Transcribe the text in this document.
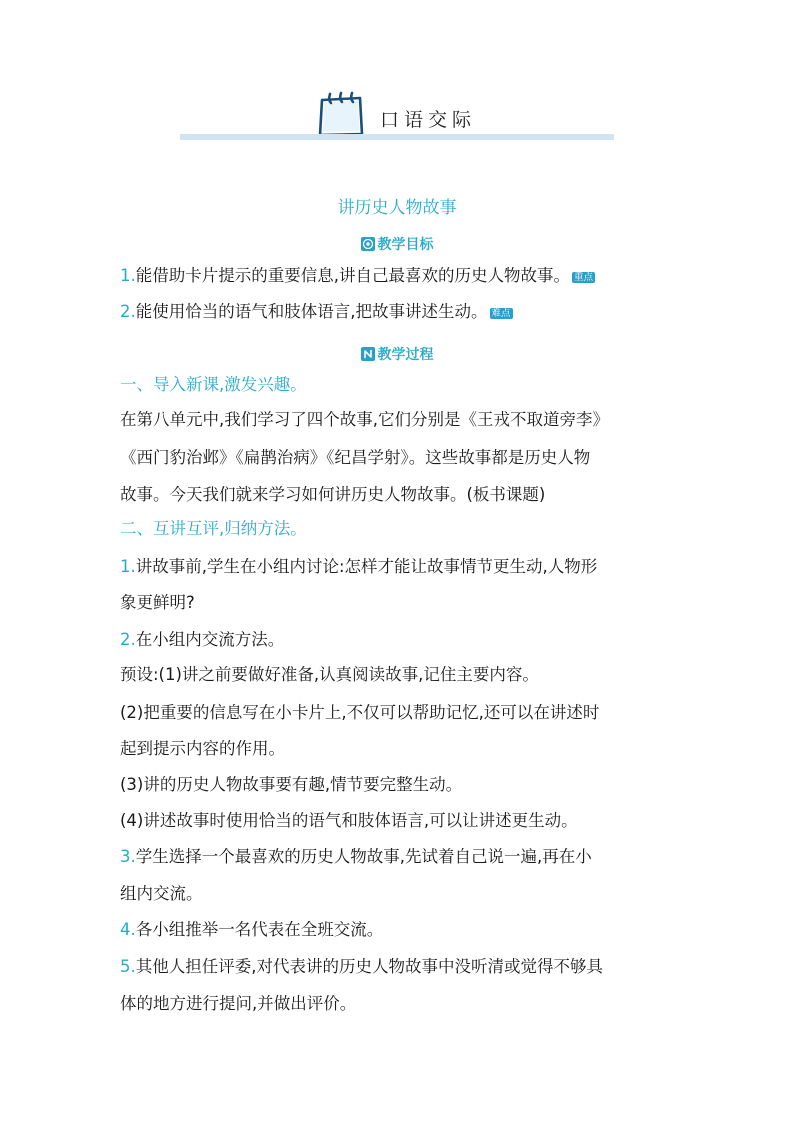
口语交际
讲历史人物故事
教学目标
1.能借助卡片提示的重要信息,讲自己最喜欢的历史人物故事。 重点
2.能使用恰当的语气和肢体语言,把故事讲述生动。 难点
教学过程
一、导入新课,激发兴趣。
在第八单元中,我们学习了四个故事,它们分别是《王戎不取道旁李》
《西门豹治邺》《扁鹊治病》《纪昌学射》。这些故事都是历史人物
故事。今天我们就来学习如何讲历史人物故事。(板书课题)
二、互讲互评,归纳方法。
1.讲故事前,学生在小组内讨论:怎样才能让故事情节更生动,人物形
象更鲜明?
2.在小组内交流方法。
预设:(1)讲之前要做好准备,认真阅读故事,记住主要内容。
(2)把重要的信息写在小卡片上,不仅可以帮助记忆,还可以在讲述时
起到提示内容的作用。
(3)讲的历史人物故事要有趣,情节要完整生动。
(4)讲述故事时使用恰当的语气和肢体语言,可以让讲述更生动。
3.学生选择一个最喜欢的历史人物故事,先试着自己说一遍,再在小
组内交流。
4.各小组推举一名代表在全班交流。
5.其他人担任评委,对代表讲的历史人物故事中没听清或觉得不够具
体的地方进行提问,并做出评价。
